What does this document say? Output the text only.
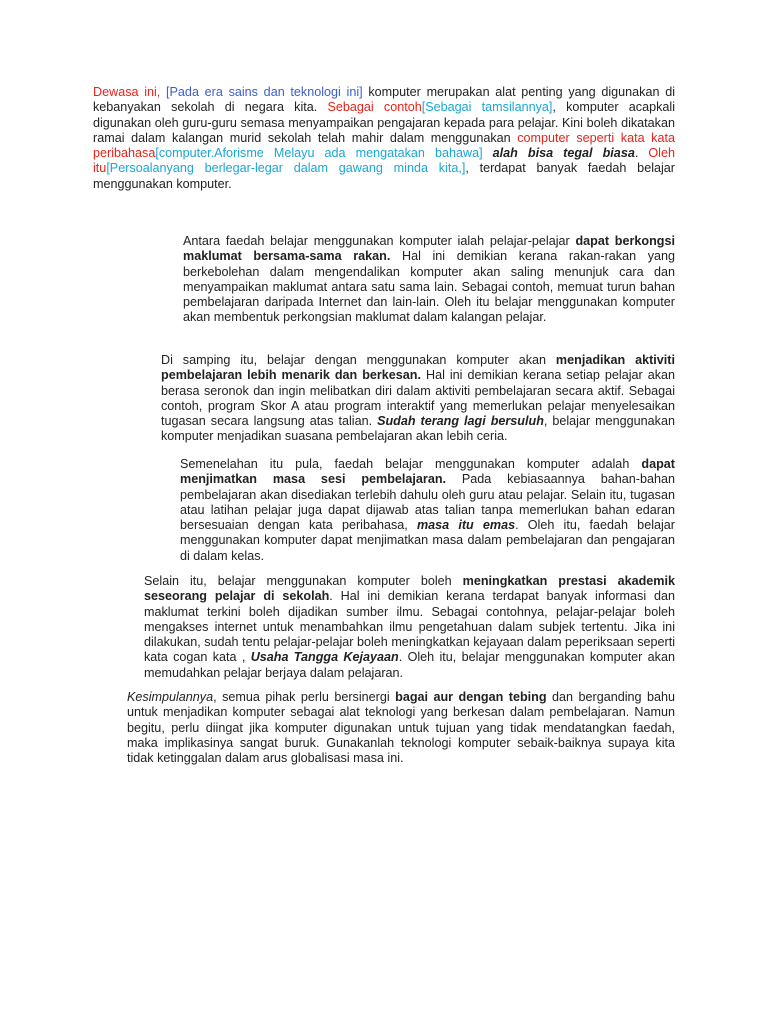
Dewasa ini, [Pada era sains dan teknologi ini] komputer merupakan alat penting yang digunakan di kebanyakan sekolah di negara kita. Sebagai contoh[Sebagai tamsilannya], komputer acapkali digunakan oleh guru-guru semasa menyampaikan pengajaran kepada para pelajar. Kini boleh dikatakan ramai dalam kalangan murid sekolah telah mahir dalam menggunakan computer seperti kata kata peribahasa[computer.Aforisme Melayu ada mengatakan bahawa] alah bisa tegal biasa. Oleh itu[Persoalanyang berlegar-legar dalam gawang minda kita,], terdapat banyak faedah belajar menggunakan komputer.

Antara faedah belajar menggunakan komputer ialah pelajar-pelajar dapat berkongsi maklumat bersama-sama rakan. Hal ini demikian kerana rakan-rakan yang berkebolehan dalam mengendalikan komputer akan saling menunjuk cara dan menyampaikan maklumat antara satu sama lain. Sebagai contoh, memuat turun bahan pembelajaran daripada Internet dan lain-lain. Oleh itu belajar menggunakan komputer akan membentuk perkongsian maklumat dalam kalangan pelajar.

Di samping itu, belajar dengan menggunakan komputer akan menjadikan aktiviti pembelajaran lebih menarik dan berkesan. Hal ini demikian kerana setiap pelajar akan berasa seronok dan ingin melibatkan diri dalam aktiviti pembelajaran secara aktif. Sebagai contoh, program Skor A atau program interaktif yang memerlukan pelajar menyelesaikan tugasan secara langsung atas talian. Sudah terang lagi bersuluh, belajar menggunakan komputer menjadikan suasana pembelajaran akan lebih ceria.

Semenelahan itu pula, faedah belajar menggunakan komputer adalah dapat menjimatkan masa sesi pembelajaran. Pada kebiasaannya bahan-bahan pembelajaran akan disediakan terlebih dahulu oleh guru atau pelajar. Selain itu, tugasan atau latihan pelajar juga dapat dijawab atas talian tanpa memerlukan bahan edaran bersesuaian dengan kata peribahasa, masa itu emas. Oleh itu, faedah belajar menggunakan komputer dapat menjimatkan masa dalam pembelajaran dan pengajaran di dalam kelas.

Selain itu, belajar menggunakan komputer boleh meningkatkan prestasi akademik seseorang pelajar di sekolah. Hal ini demikian kerana terdapat banyak informasi dan maklumat terkini boleh dijadikan sumber ilmu. Sebagai contohnya, pelajar-pelajar boleh mengakses internet untuk menambahkan ilmu pengetahuan dalam subjek tertentu. Jika ini dilakukan, sudah tentu pelajar-pelajar boleh meningkatkan kejayaan dalam peperiksaan seperti kata cogan kata , Usaha Tangga Kejayaan. Oleh itu, belajar menggunakan komputer akan memudahkan pelajar berjaya dalam pelajaran.

Kesimpulannya, semua pihak perlu bersinergi bagai aur dengan tebing dan berganding bahu untuk menjadikan komputer sebagai alat teknologi yang berkesan dalam pembelajaran. Namun begitu, perlu diingat jika komputer digunakan untuk tujuan yang tidak mendatangkan faedah, maka implikasinya sangat buruk. Gunakanlah teknologi komputer sebaik-baiknya supaya kita tidak ketinggalan dalam arus globalisasi masa ini.
